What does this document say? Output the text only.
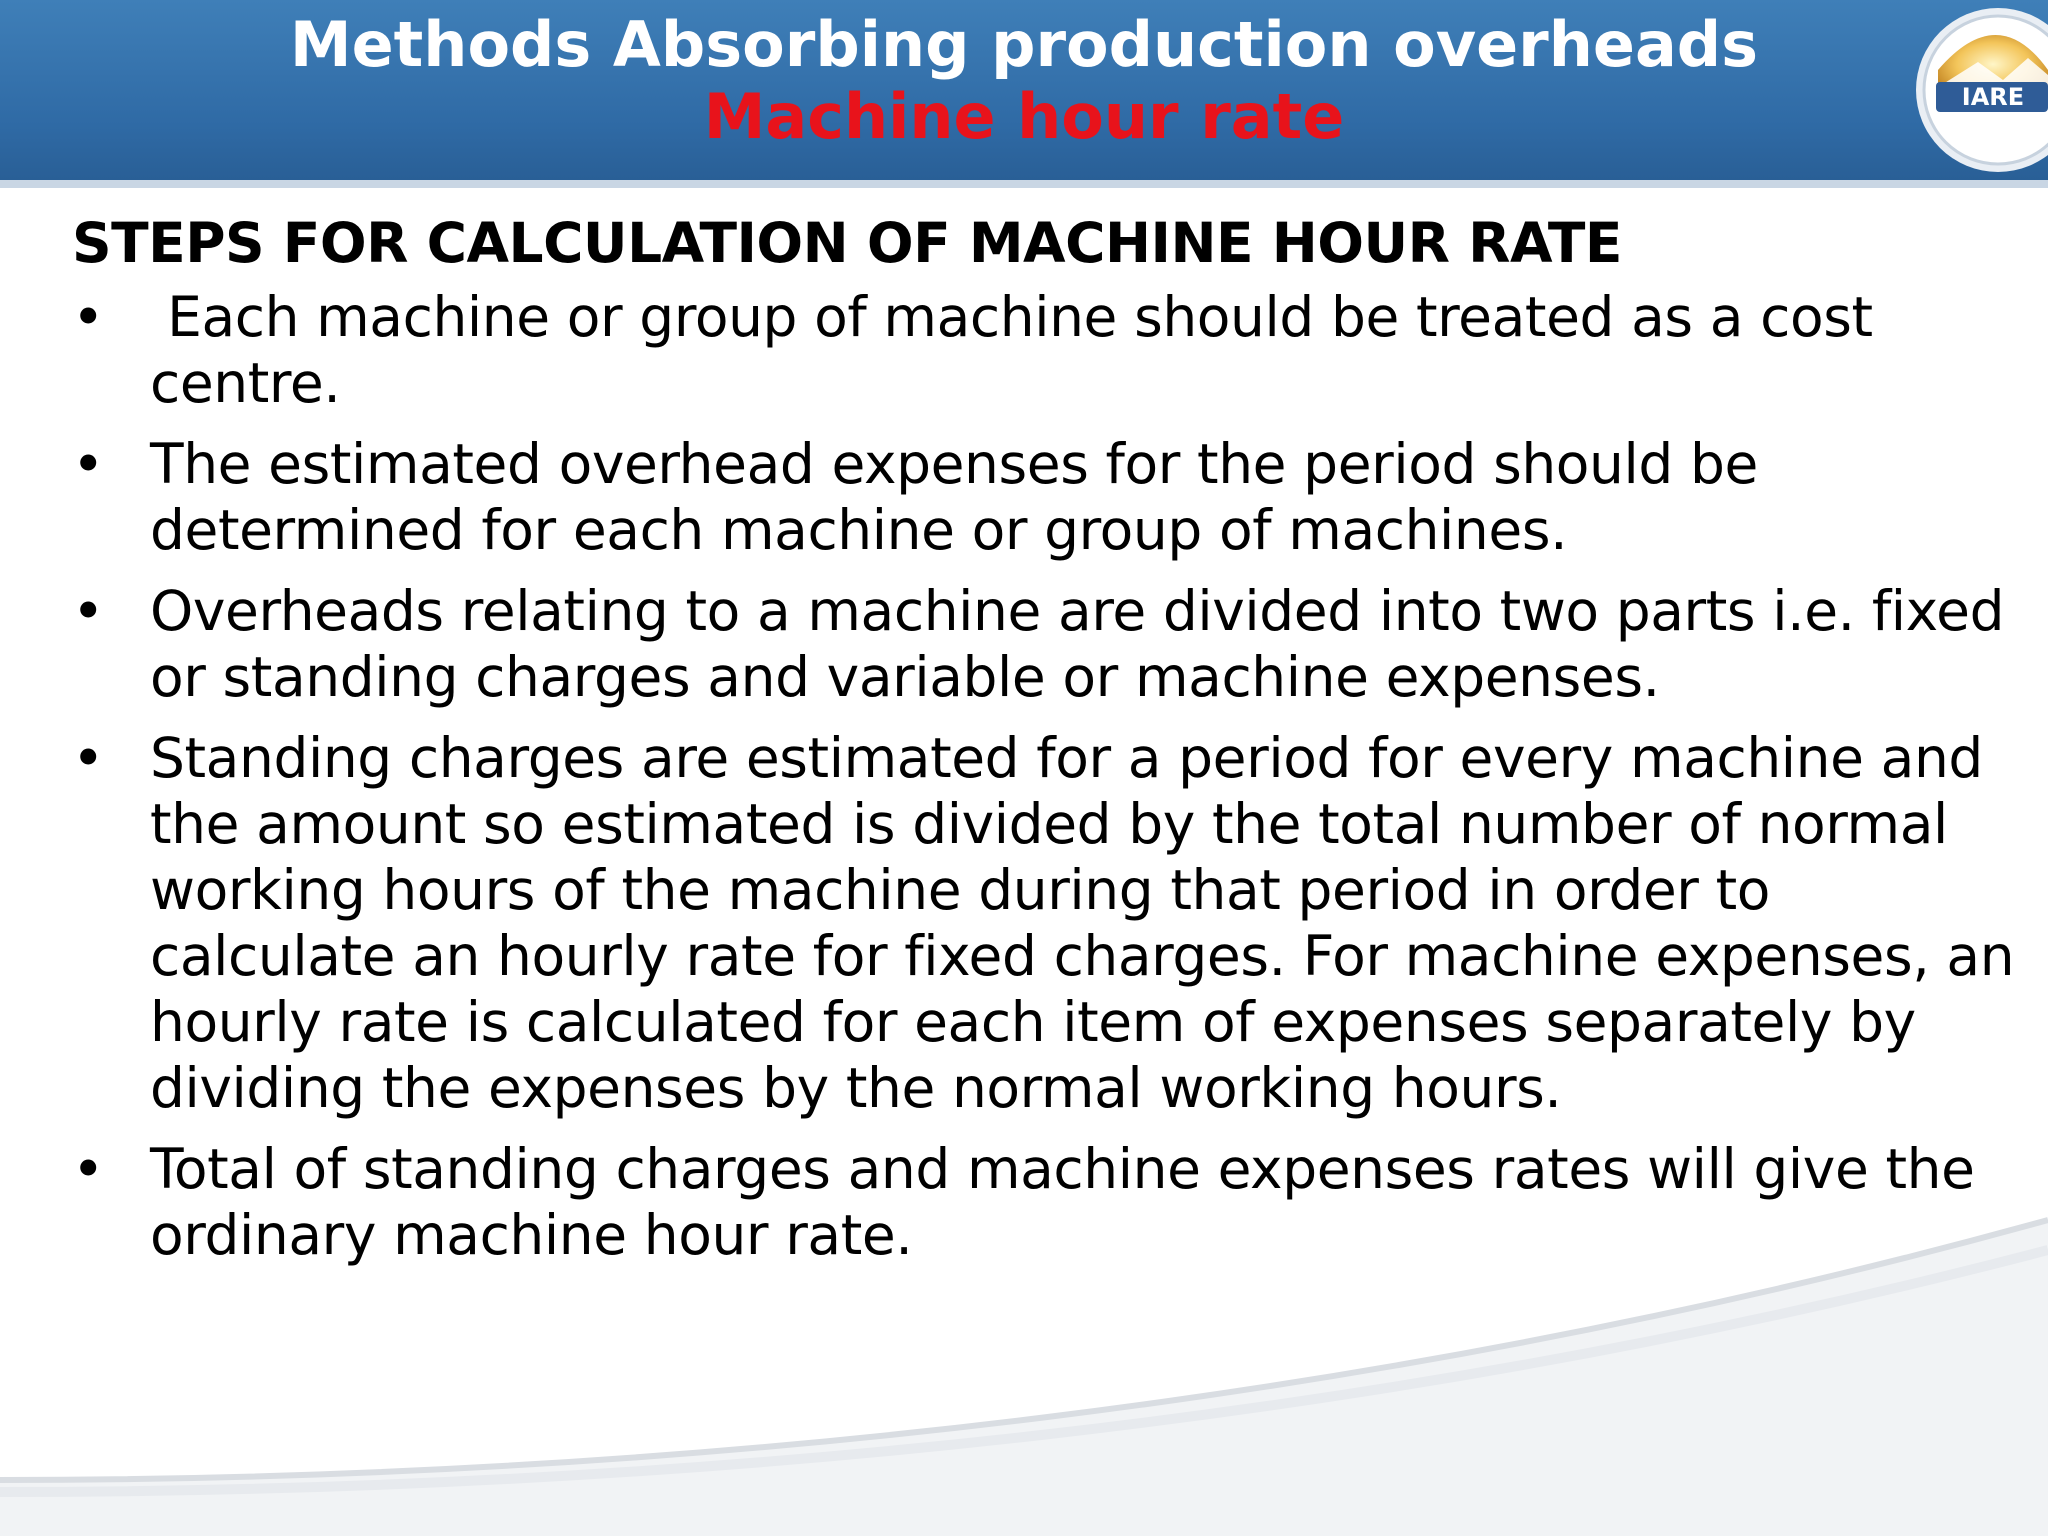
Methods Absorbing production overheads
Machine hour rate	IARE
STEPS FOR CALCULATION OF MACHINE HOUR RATE
• Each machine or group of machine should be treated as a cost centre.
• The estimated overhead expenses for the period should be determined for each machine or group of machines.
• Overheads relating to a machine are divided into two parts i.e. fixed or standing charges and variable or machine expenses.
• Standing charges are estimated for a period for every machine and the amount so estimated is divided by the total number of normal working hours of the machine during that period in order to calculate an hourly rate for fixed charges. For machine expenses, an hourly rate is calculated for each item of expenses separately by dividing the expenses by the normal working hours.
• Total of standing charges and machine expenses rates will give the ordinary machine hour rate.
